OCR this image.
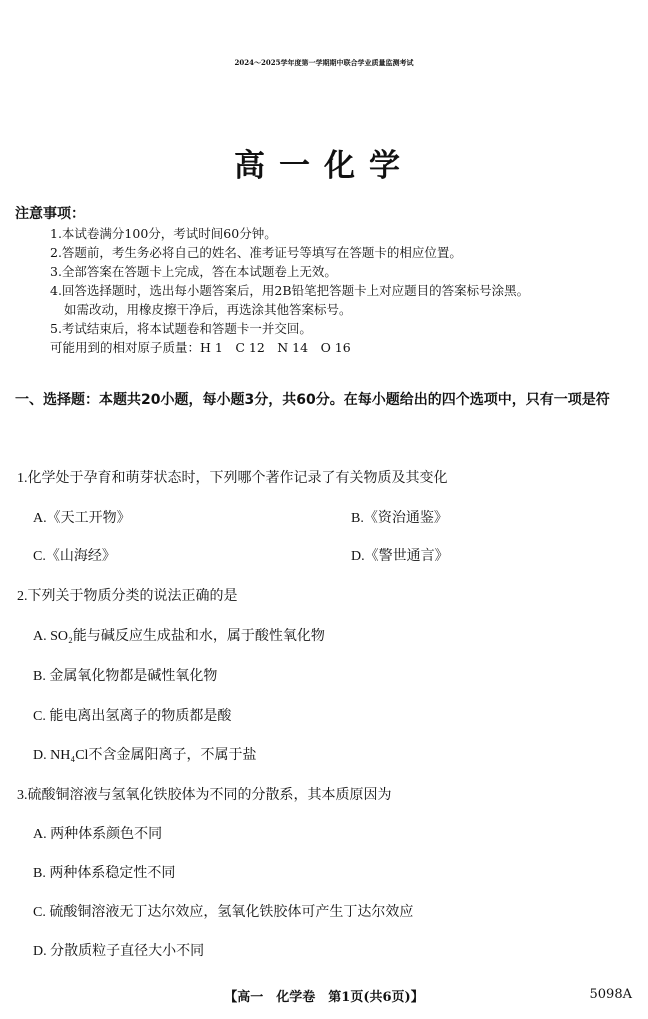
2024～2025学年度第一学期期中联合学业质量监测考试
高一化学
注意事项：
1.本试卷满分100分，考试时间60分钟。
2.答题前，考生务必将自己的姓名、准考证号等填写在答题卡的相应位置。
3.全部答案在答题卡上完成，答在本试题卷上无效。
4.回答选择题时，选出每小题答案后，用2B铅笔把答题卡上对应题目的答案标号涂黑。
如需改动，用橡皮擦干净后，再选涂其他答案标号。
5.考试结束后，将本试题卷和答题卡一并交回。
可能用到的相对原子质量：H 1　C 12　N 14　O 16
一、选择题：本题共20小题，每小题3分，共60分。在每小题给出的四个选项中，只有一项是符
1.化学处于孕育和萌芽状态时，下列哪个著作记录了有关物质及其变化
A.《天工开物》	B.《资治通鉴》
C.《山海经》	D.《警世通言》
2.下列关于物质分类的说法正确的是
A. SO₂能与碱反应生成盐和水，属于酸性氧化物
B. 金属氧化物都是碱性氧化物
C. 能电离出氢离子的物质都是酸
D. NH₄Cl不含金属阳离子，不属于盐
3.硫酸铜溶液与氢氧化铁胶体为不同的分散系，其本质原因为
A. 两种体系颜色不同
B. 两种体系稳定性不同
C. 硫酸铜溶液无丁达尔效应，氢氧化铁胶体可产生丁达尔效应
D. 分散质粒子直径大小不同
【高一　化学卷　第1页(共6页)】	5098A
